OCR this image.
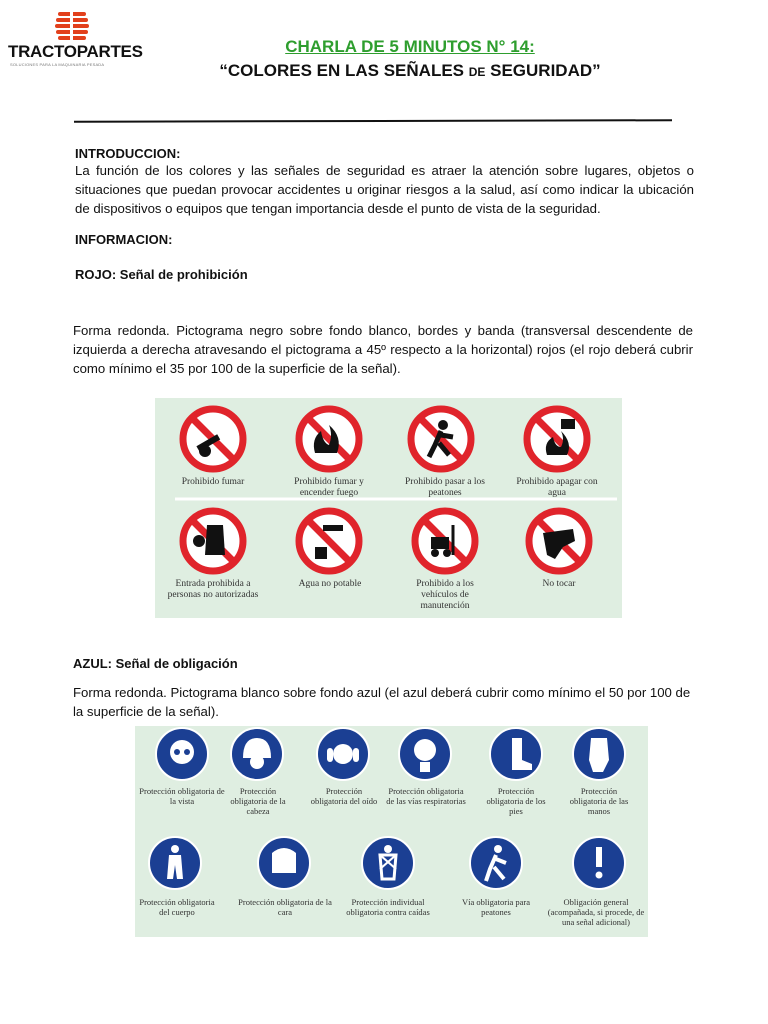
TRACTOPARTES
SOLUCIONES PARA LA MAQUINARIA PESADA
CHARLA DE 5 MINUTOS N° 14:
“COLORES EN LAS SEÑALES DE SEGURIDAD”
INTRODUCCION:
La función de los colores y las señales de seguridad es atraer la atención sobre lugares, objetos o situaciones que puedan provocar accidentes u originar riesgos a la salud, así como indicar la ubicación de dispositivos o equipos que tengan importancia desde el punto de vista de la seguridad.
INFORMACION:
ROJO: Señal de prohibición
Forma redonda. Pictograma negro sobre fondo blanco, bordes y banda (transversal descendente de izquierda a derecha atravesando el pictograma a 45º respecto a la horizontal) rojos (el rojo deberá cubrir como mínimo el 35 por 100 de la superficie de la señal).
Prohibido fumar	Prohibido fumar y encender fuego
Prohibido pasar a los peatones
Prohibido apagar con agua
Entrada prohibida a personas no autorizadas
Agua no potable	Prohibido a los vehículos de manutención
No tocar
AZUL: Señal de obligación
Forma redonda. Pictograma blanco sobre fondo azul (el azul deberá cubrir como mínimo el 50 por 100 de la superficie de la señal).
Protección obligatoria de la vista
Protección obligatoria de la cabeza
Protección obligatoria del oído
Protección obligatoria de las vías respiratorias
Protección obligatoria de los pies
Protección obligatoria de las manos
Protección obligatoria del cuerpo
Protección obligatoria de la cara
Protección individual obligatoria contra caídas
Vía obligatoria para peatones
Obligación general (acompañada, si procede, de una señal adicional)
